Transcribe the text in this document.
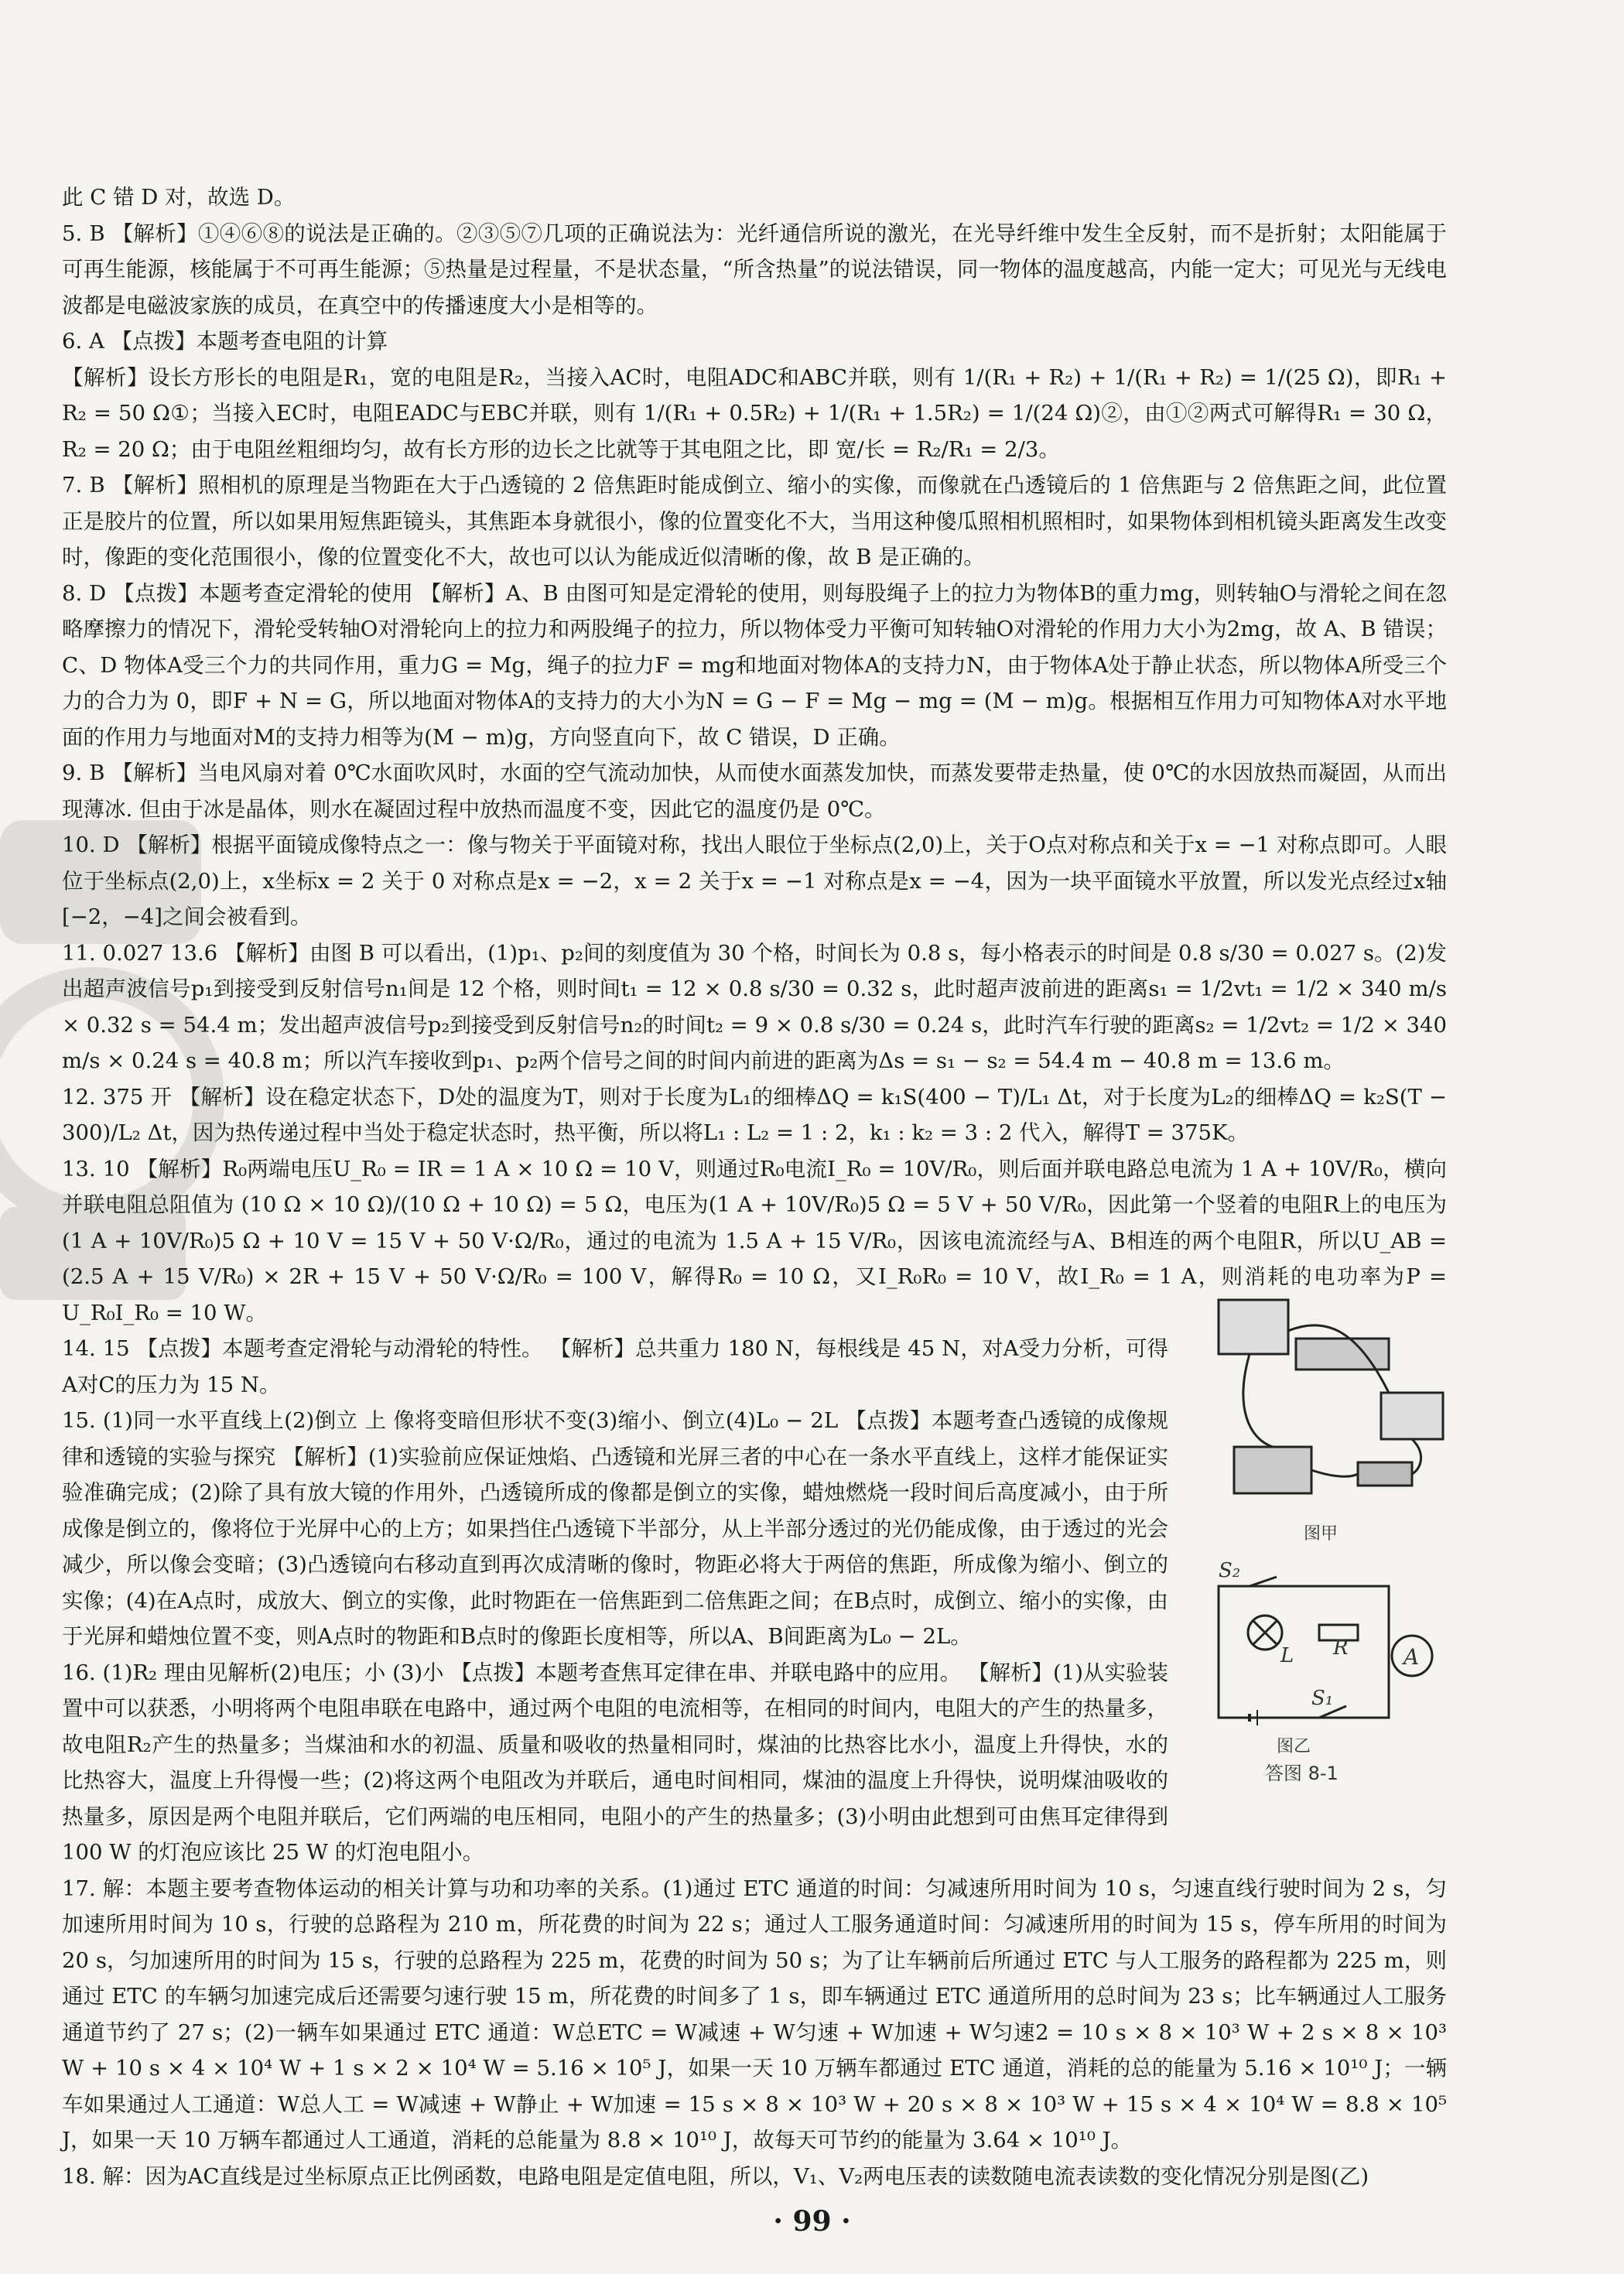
此 C 错 D 对，故选 D。

5. B 【解析】①④⑥⑧的说法是正确的。②③⑤⑦几项的正确说法为：光纤通信所说的激光，在光导纤维中发生全反射，而不是折射；太阳能属于可再生能源，核能属于不可再生能源；⑤热量是过程量，不是状态量，“所含热量”的说法错误，同一物体的温度越高，内能一定大；可见光与无线电波都是电磁波家族的成员，在真空中的传播速度大小是相等的。

6. A 【点拨】本题考查电阻的计算

【解析】设长方形长的电阻是R₁，宽的电阻是R₂，当接入AC时，电阻ADC和ABC并联，则有 1/(R₁ + R₂) + 1/(R₁ + R₂) = 1/(25 Ω)，即R₁ + R₂ = 50 Ω①；当接入EC时，电阻EADC与EBC并联，则有 1/(R₁ + 0.5R₂) + 1/(R₁ + 1.5R₂) = 1/(24 Ω)②，由①②两式可解得R₁ = 30 Ω，R₂ = 20 Ω；由于电阻丝粗细均匀，故有长方形的边长之比就等于其电阻之比，即 宽/长 = R₂/R₁ = 2/3。

7. B 【解析】照相机的原理是当物距在大于凸透镜的 2 倍焦距时能成倒立、缩小的实像，而像就在凸透镜后的 1 倍焦距与 2 倍焦距之间，此位置正是胶片的位置，所以如果用短焦距镜头，其焦距本身就很小，像的位置变化不大，当用这种傻瓜照相机照相时，如果物体到相机镜头距离发生改变时，像距的变化范围很小，像的位置变化不大，故也可以认为能成近似清晰的像，故 B 是正确的。

8. D 【点拨】本题考查定滑轮的使用 【解析】A、B 由图可知是定滑轮的使用，则每股绳子上的拉力为物体B的重力mg，则转轴O与滑轮之间在忽略摩擦力的情况下，滑轮受转轴O对滑轮向上的拉力和两股绳子的拉力，所以物体受力平衡可知转轴O对滑轮的作用力大小为2mg，故 A、B 错误；C、D 物体A受三个力的共同作用，重力G = Mg，绳子的拉力F = mg和地面对物体A的支持力N，由于物体A处于静止状态，所以物体A所受三个力的合力为 0，即F + N = G，所以地面对物体A的支持力的大小为N = G − F = Mg − mg = (M − m)g。根据相互作用力可知物体A对水平地面的作用力与地面对M的支持力相等为(M − m)g，方向竖直向下，故 C 错误，D 正确。

9. B 【解析】当电风扇对着 0℃水面吹风时，水面的空气流动加快，从而使水面蒸发加快，而蒸发要带走热量，使 0℃的水因放热而凝固，从而出现薄冰. 但由于冰是晶体，则水在凝固过程中放热而温度不变，因此它的温度仍是 0℃。

10. D 【解析】根据平面镜成像特点之一：像与物关于平面镜对称，找出人眼位于坐标点(2,0)上，关于O点对称点和关于x = −1 对称点即可。人眼位于坐标点(2,0)上，x坐标x = 2 关于 0 对称点是x = −2，x = 2 关于x = −1 对称点是x = −4，因为一块平面镜水平放置，所以发光点经过x轴[−2，−4]之间会被看到。

11. 0.027 13.6 【解析】由图 B 可以看出，(1)p₁、p₂间的刻度值为 30 个格，时间长为 0.8 s，每小格表示的时间是 0.8 s/30 = 0.027 s。(2)发出超声波信号p₁到接受到反射信号n₁间是 12 个格，则时间t₁ = 12 × 0.8 s/30 = 0.32 s，此时超声波前进的距离s₁ = 1/2vt₁ = 1/2 × 340 m/s × 0.32 s = 54.4 m；发出超声波信号p₂到接受到反射信号n₂的时间t₂ = 9 × 0.8 s/30 = 0.24 s，此时汽车行驶的距离s₂ = 1/2vt₂ = 1/2 × 340 m/s × 0.24 s = 40.8 m；所以汽车接收到p₁、p₂两个信号之间的时间内前进的距离为Δs = s₁ − s₂ = 54.4 m − 40.8 m = 13.6 m。

12. 375 开 【解析】设在稳定状态下，D处的温度为T，则对于长度为L₁的细棒ΔQ = k₁S(400 − T)/L₁ Δt，对于长度为L₂的细棒ΔQ = k₂S(T − 300)/L₂ Δt，因为热传递过程中当处于稳定状态时，热平衡，所以将L₁ : L₂ = 1 : 2，k₁ : k₂ = 3 : 2 代入，解得T = 375K。

13. 10 【解析】R₀两端电压U_R₀ = IR = 1 A × 10 Ω = 10 V，则通过R₀电流I_R₀ = 10V/R₀，则后面并联电路总电流为 1 A + 10V/R₀，横向并联电阻总阻值为 (10 Ω × 10 Ω)/(10 Ω + 10 Ω) = 5 Ω，电压为(1 A + 10V/R₀)5 Ω = 5 V + 50 V/R₀，因此第一个竖着的电阻R上的电压为(1 A + 10V/R₀)5 Ω + 10 V = 15 V + 50 V·Ω/R₀，通过的电流为 1.5 A + 15 V/R₀，因该电流流经与A、B相连的两个电阻R，所以U_AB = (2.5 A + 15 V/R₀) × 2R + 15 V + 50 V·Ω/R₀ = 100 V，解得R₀ = 10 Ω，又I_R₀R₀ = 10 V，故I_R₀ = 1 A，则消耗的电功率为P = U_R₀I_R₀ = 10 W。

14. 15 【点拨】本题考查定滑轮与动滑轮的特性。 【解析】总共重力 180 N，每根线是 45 N，对A受力分析，可得A对C的压力为 15 N。

15. (1)同一水平直线上(2)倒立 上 像将变暗但形状不变(3)缩小、倒立(4)L₀ − 2L 【点拨】本题考查凸透镜的成像规律和透镜的实验与探究 【解析】(1)实验前应保证烛焰、凸透镜和光屏三者的中心在一条水平直线上，这样才能保证实验准确完成；(2)除了具有放大镜的作用外，凸透镜所成的像都是倒立的实像，蜡烛燃烧一段时间后高度减小，由于所成像是倒立的，像将位于光屏中心的上方；如果挡住凸透镜下半部分，从上半部分透过的光仍能成像，由于透过的光会减少，所以像会变暗；(3)凸透镜向右移动直到再次成清晰的像时，物距必将大于两倍的焦距，所成像为缩小、倒立的实像；(4)在A点时，成放大、倒立的实像，此时物距在一倍焦距到二倍焦距之间；在B点时，成倒立、缩小的实像，由于光屏和蜡烛位置不变，则A点时的物距和B点时的像距长度相等，所以A、B间距离为L₀ − 2L。

16. (1)R₂ 理由见解析(2)电压；小 (3)小 【点拨】本题考查焦耳定律在串、并联电路中的应用。 【解析】(1)从实验装置中可以获悉，小明将两个电阻串联在电路中，通过两个电阻的电流相等，在相同的时间内，电阻大的产生的热量多，故电阻R₂产生的热量多；当煤油和水的初温、质量和吸收的热量相同时，煤油的比热容比水小，温度上升得快，水的比热容大，温度上升得慢一些；(2)将这两个电阻改为并联后，通电时间相同，煤油的温度上升得快，说明煤油吸收的热量多，原因是两个电阻并联后，它们两端的电压相同，电阻小的产生的热量多；(3)小明由此想到可由焦耳定律得到 100 W 的灯泡应该比 25 W 的灯泡电阻小。

17. 解：本题主要考查物体运动的相关计算与功和功率的关系。(1)通过 ETC 通道的时间：匀减速所用时间为 10 s，匀速直线行驶时间为 2 s，匀加速所用时间为 10 s，行驶的总路程为 210 m，所花费的时间为 22 s；通过人工服务通道时间：匀减速所用的时间为 15 s，停车所用的时间为 20 s，匀加速所用的时间为 15 s，行驶的总路程为 225 m，花费的时间为 50 s；为了让车辆前后所通过 ETC 与人工服务的路程都为 225 m，则通过 ETC 的车辆匀加速完成后还需要匀速行驶 15 m，所花费的时间多了 1 s，即车辆通过 ETC 通道所用的总时间为 23 s；比车辆通过人工服务通道节约了 27 s；(2)一辆车如果通过 ETC 通道：W总ETC = W减速 + W匀速 + W加速 + W匀速2 = 10 s × 8 × 10³ W + 2 s × 8 × 10³ W + 10 s × 4 × 10⁴ W + 1 s × 2 × 10⁴ W = 5.16 × 10⁵ J，如果一天 10 万辆车都通过 ETC 通道，消耗的总的能量为 5.16 × 10¹⁰ J；一辆车如果通过人工通道：W总人工 = W减速 + W静止 + W加速 = 15 s × 8 × 10³ W + 20 s × 8 × 10³ W + 15 s × 4 × 10⁴ W = 8.8 × 10⁵ J，如果一天 10 万辆车都通过人工通道，消耗的总能量为 8.8 × 10¹⁰ J，故每天可节约的能量为 3.64 × 10¹⁰ J。

18. 解：因为AC直线是过坐标原点正比例函数，电路电阻是定值电阻，所以，V₁、V₂两电压表的读数随电流表读数的变化情况分别是图(乙)

图甲
S₂
L R	A
S₁
图乙
答图 8-1
· 99 ·
